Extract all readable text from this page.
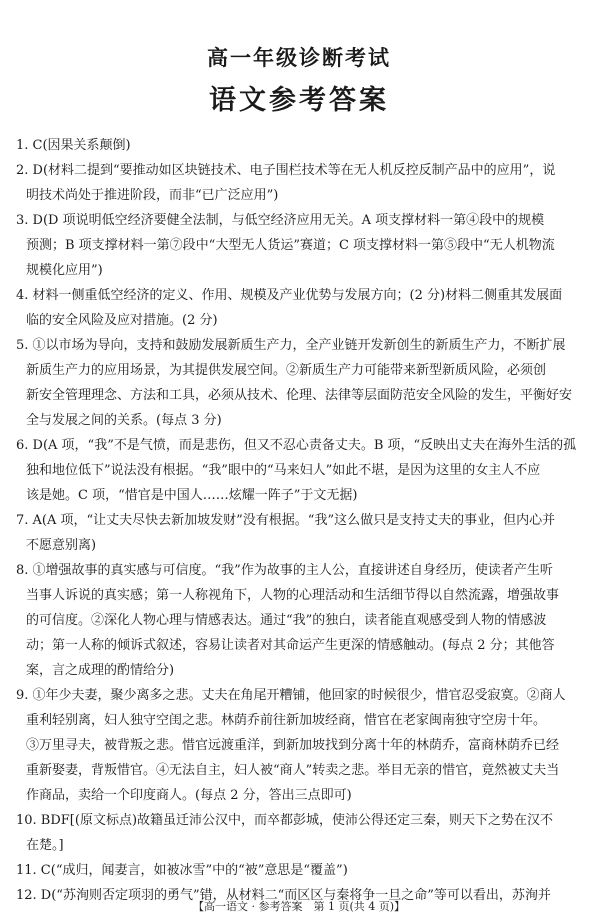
高一年级诊断考试
语文参考答案
1. C(因果关系颠倒)
2. D(材料二提到“要推动如区块链技术、电子围栏技术等在无人机反控反制产品中的应用”，说
明技术尚处于推进阶段，而非“已广泛应用”)
3. D(D 项说明低空经济要健全法制，与低空经济应用无关。A 项支撑材料一第④段中的规模
预测；B 项支撑材料一第⑦段中“大型无人货运”赛道；C 项支撑材料一第⑤段中“无人机物流
规模化应用”)
4. 材料一侧重低空经济的定义、作用、规模及产业优势与发展方向；(2 分)材料二侧重其发展面
临的安全风险及应对措施。(2 分)
5. ①以市场为导向，支持和鼓励发展新质生产力，全产业链开发新创生的新质生产力，不断扩展
新质生产力的应用场景，为其提供发展空间。②新质生产力可能带来新型新质风险，必须创
新安全管理理念、方法和工具，必须从技术、伦理、法律等层面防范安全风险的发生，平衡好安
全与发展之间的关系。(每点 3 分)
6. D(A 项，“我”不是气愤，而是悲伤，但又不忍心责备丈夫。B 项，“反映出丈夫在海外生活的孤
独和地位低下”说法没有根据。“我”眼中的“马来妇人”如此不堪，是因为这里的女主人不应
该是她。C 项，“惜官是中国人……炫耀一阵子”于文无据)
7. A(A 项，“让丈夫尽快去新加坡发财”没有根据。“我”这么做只是支持丈夫的事业，但内心并
不愿意别离)
8. ①增强故事的真实感与可信度。“我”作为故事的主人公，直接讲述自身经历，使读者产生听
当事人诉说的真实感；第一人称视角下，人物的心理活动和生活细节得以自然流露，增强故事
的可信度。②深化人物心理与情感表达。通过“我”的独白，读者能直观感受到人物的情感波
动；第一人称的倾诉式叙述，容易让读者对其命运产生更深的情感触动。(每点 2 分；其他答
案，言之成理的酌情给分)
9. ①年少夫妻，聚少离多之悲。丈夫在角尾开糟铺，他回家的时候很少，惜官忍受寂寞。②商人
重利轻别离，妇人独守空闺之悲。林荫乔前往新加坡经商，惜官在老家闽南独守空房十年。
③万里寻夫，被背叛之悲。惜官远渡重洋，到新加坡找到分离十年的林荫乔，富商林荫乔已经
重新娶妻，背叛惜官。④无法自主，妇人被“商人”转卖之悲。举目无亲的惜官，竟然被丈夫当
作商品，卖给一个印度商人。(每点 2 分，答出三点即可)
10. BDF[(原文标点)故籍虽迁沛公汉中，而卒都彭城，使沛公得还定三秦，则天下之势在汉不
在楚。]
11. C(“成归，闻妻言，如被冰雪”中的“被”意思是“覆盖”)
12. D(“苏洵则否定项羽的勇气”错，从材料二“而区区与秦将争一旦之命”等可以看出，苏洵并
【高一语文 · 参考答案　第 1 页(共 4 页)】
